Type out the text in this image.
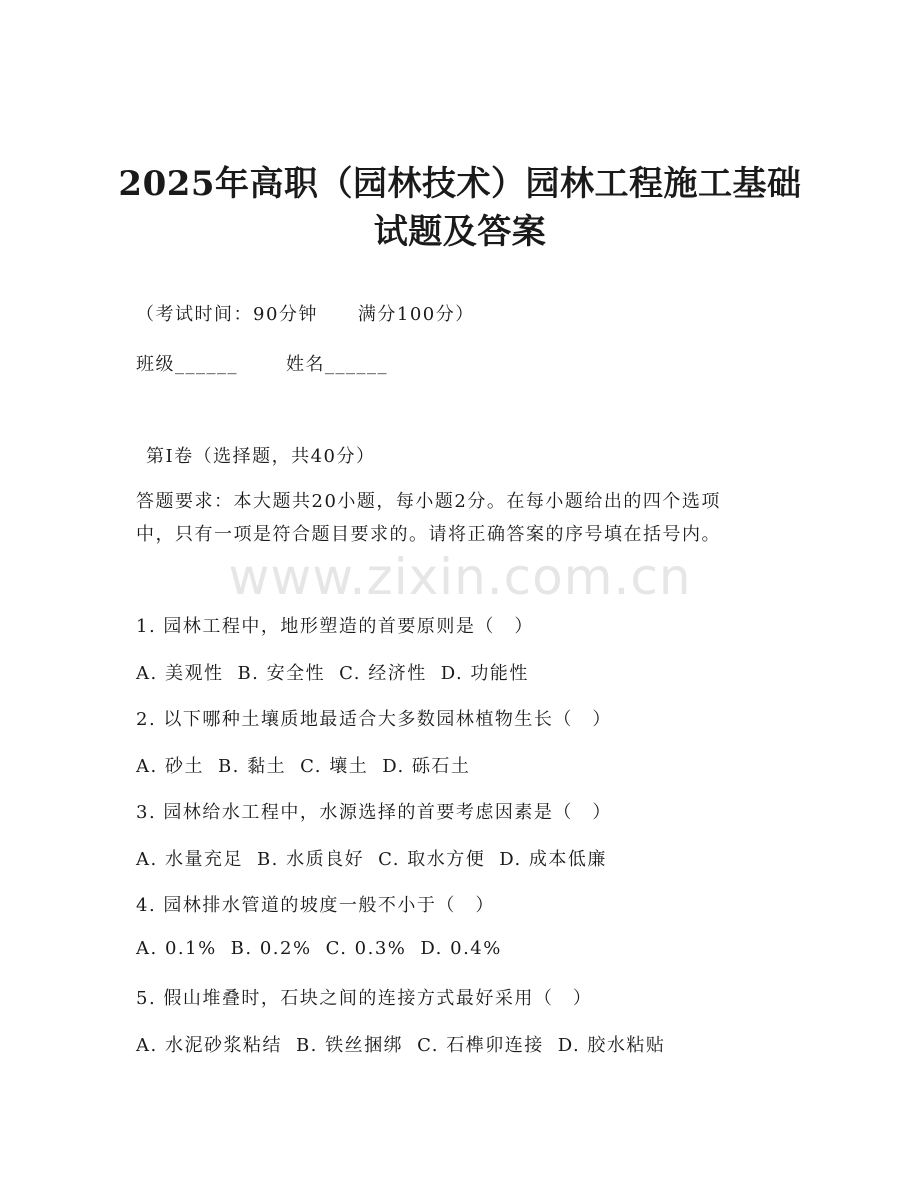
www.zixin.com.cn
2025年高职（园林技术）园林工程施工基础
试题及答案

（考试时间：90分钟 满分100分）

班级______	姓名______

第I卷（选择题，共40分）

答题要求：本大题共20小题，每小题2分。在每小题给出的四个选项

中，只有一项是符合题目要求的。请将正确答案的序号填在括号内。

1. 园林工程中，地形塑造的首要原则是（　）

A. 美观性 B. 安全性 C. 经济性 D. 功能性

2. 以下哪种土壤质地最适合大多数园林植物生长（　）

A. 砂土 B. 黏土 C. 壤土 D. 砾石土

3. 园林给水工程中，水源选择的首要考虑因素是（　）

A. 水量充足 B. 水质良好 C. 取水方便 D. 成本低廉

4. 园林排水管道的坡度一般不小于（　）

A. 0.1% B. 0.2% C. 0.3% D. 0.4%

5. 假山堆叠时，石块之间的连接方式最好采用（　）

A. 水泥砂浆粘结 B. 铁丝捆绑 C. 石榫卯连接 D. 胶水粘贴
